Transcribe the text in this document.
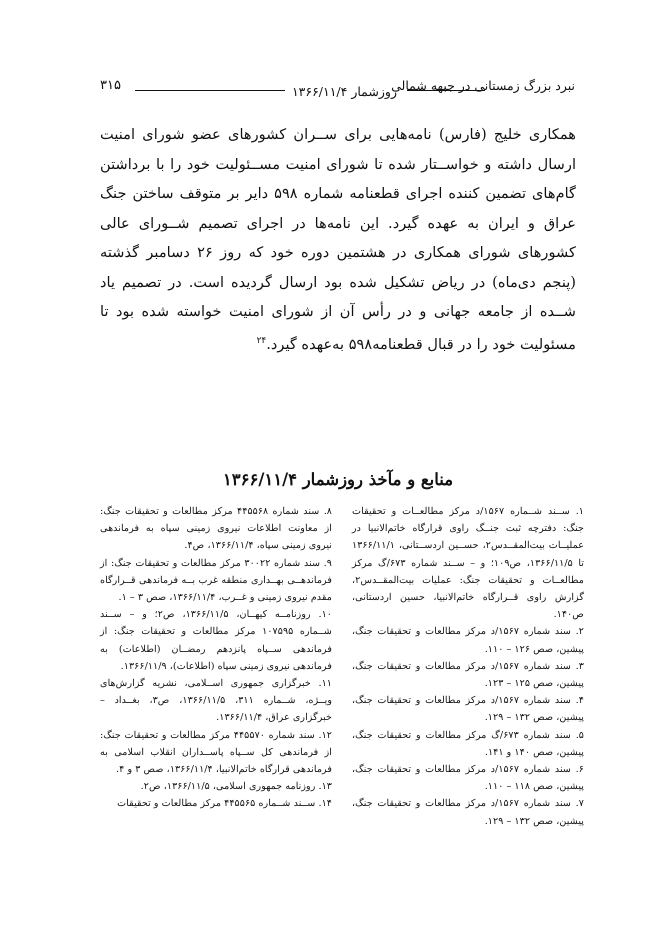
نبرد بزرگ زمستانی در جبهه شمالی
روزشمار ۱۳۶۶/۱۱/۴
۳۱۵
همکاری خلیج (فارس) نامه‌هایی برای ســران کشورهای عضو شورای امنیت ارسال داشته و خواســتار شده تا شورای امنیت مســئولیت خود را با برداشتن گام‌های تضمین کننده اجرای قطعنامه شماره ۵۹۸ دایر بر متوقف ساختن جنگ عراق و ایران به عهده گیرد. این نامه‌ها در اجرای تصمیم شــورای عالی کشورهای شورای همکاری در هشتمین دوره خود که روز ۲۶ دسامبر گذشته (پنجم دی‌ماه) در ریاض تشکیل شده بود ارسال گردیده است. در تصمیم یاد شــده از جامعه جهانی و در رأس آن از شورای امنیت خواسته شده بود تا مسئولیت خود را در قبال قطعنامه۵۹۸ به‌عهده گیرد.$^{۲۴}$
منابع و مآخذ روزشمار ۱۳۶۶/۱۱/۴

۱. ســند شــماره ۱۵۶۷/د مرکز مطالعــات و تحقیقات جنگ: دفترچه ثبت جنــگ راوی قرارگاه خاتم‌الانبیا در عملیــات بیت‌المقــدس۲، حســین اردســتانی، ۱۳۶۶/۱۱/۱ تا ۱۳۶۶/۱۱/۵، ص۱۰۹؛ و – ســند شماره ۶۷۳/گ مرکز مطالعــات و تحقیقات جنگ: عملیات بیت‌المقــدس۲، گزارش راوی قــرارگاه خاتم‌الانبیا، حسین اردستانی، ص۱۴۰.

۲. سند شماره ۱۵۶۷/د مرکز مطالعات و تحقیقات جنگ، پیشین، صص ۱۲۶ – ۱۱۰.

۳. سند شماره ۱۵۶۷/د مرکز مطالعات و تحقیقات جنگ، پیشین، صص ۱۲۵ – ۱۲۳.

۴. سند شماره ۱۵۶۷/د مرکز مطالعات و تحقیقات جنگ، پیشین، صص ۱۳۲ – ۱۲۹.

۵. سند شماره ۶۷۳/گ مرکز مطالعات و تحقیقات جنگ، پیشین، صص ۱۴۰ و ۱۴۱.

۶. سند شماره ۱۵۶۷/د مرکز مطالعات و تحقیقات جنگ، پیشین، صص ۱۱۸ – ۱۱۰.

۷. سند شماره ۱۵۶۷/د مرکز مطالعات و تحقیقات جنگ، پیشین، صص ۱۳۲ – ۱۲۹.

۸. سند شماره ۴۴۵۵۶۸ مرکز مطالعات و تحقیقات جنگ: از معاونت اطلاعات نیروی زمینی سپاه به فرماندهی نیروی زمینی سپاه، ۱۳۶۶/۱۱/۴، ص۴.

۹. سند شماره ۳۰۰۲۲ مرکز مطالعات و تحقیقات جنگ: از فرماندهــی بهــداری منطقه غرب بــه فرماندهی قــرارگاه مقدم نیروی زمینی و غــرب، ۱۳۶۶/۱۱/۴، صص ۳ – ۱.

۱۰. روزنامــه کیهــان، ۱۳۶۶/۱۱/۵، ص۲؛ و – ســند شــماره ۱۰۷۵۹۵ مرکز مطالعات و تحقیقات جنگ: از فرماندهی ســپاه پانزدهم رمضــان (اطلاعات) به فرماندهی نیروی زمینی سپاه (اطلاعات)، ۱۳۶۶/۱۱/۹.

۱۱. خبرگزاری جمهوری اســلامی، نشریه گزارش‌های ویــژه، شــماره ۳۱۱، ۱۳۶۶/۱۱/۵، ص۳، بغــداد – خبرگزاری عراق، ۱۳۶۶/۱۱/۴.

۱۲. سند شماره ۴۴۵۵۷۰ مرکز مطالعات و تحقیقات جنگ: از فرماندهی کل ســپاه پاســداران انقلاب اسلامی به فرماندهی قرارگاه خاتم‌الانبیا، ۱۳۶۶/۱۱/۴، صص ۳ و ۴.

۱۳. روزنامه جمهوری اسلامی، ۱۳۶۶/۱۱/۵، ص۲.

۱۴. ســند شــماره ۴۴۵۵۶۵ مرکز مطالعات و تحقیقات
